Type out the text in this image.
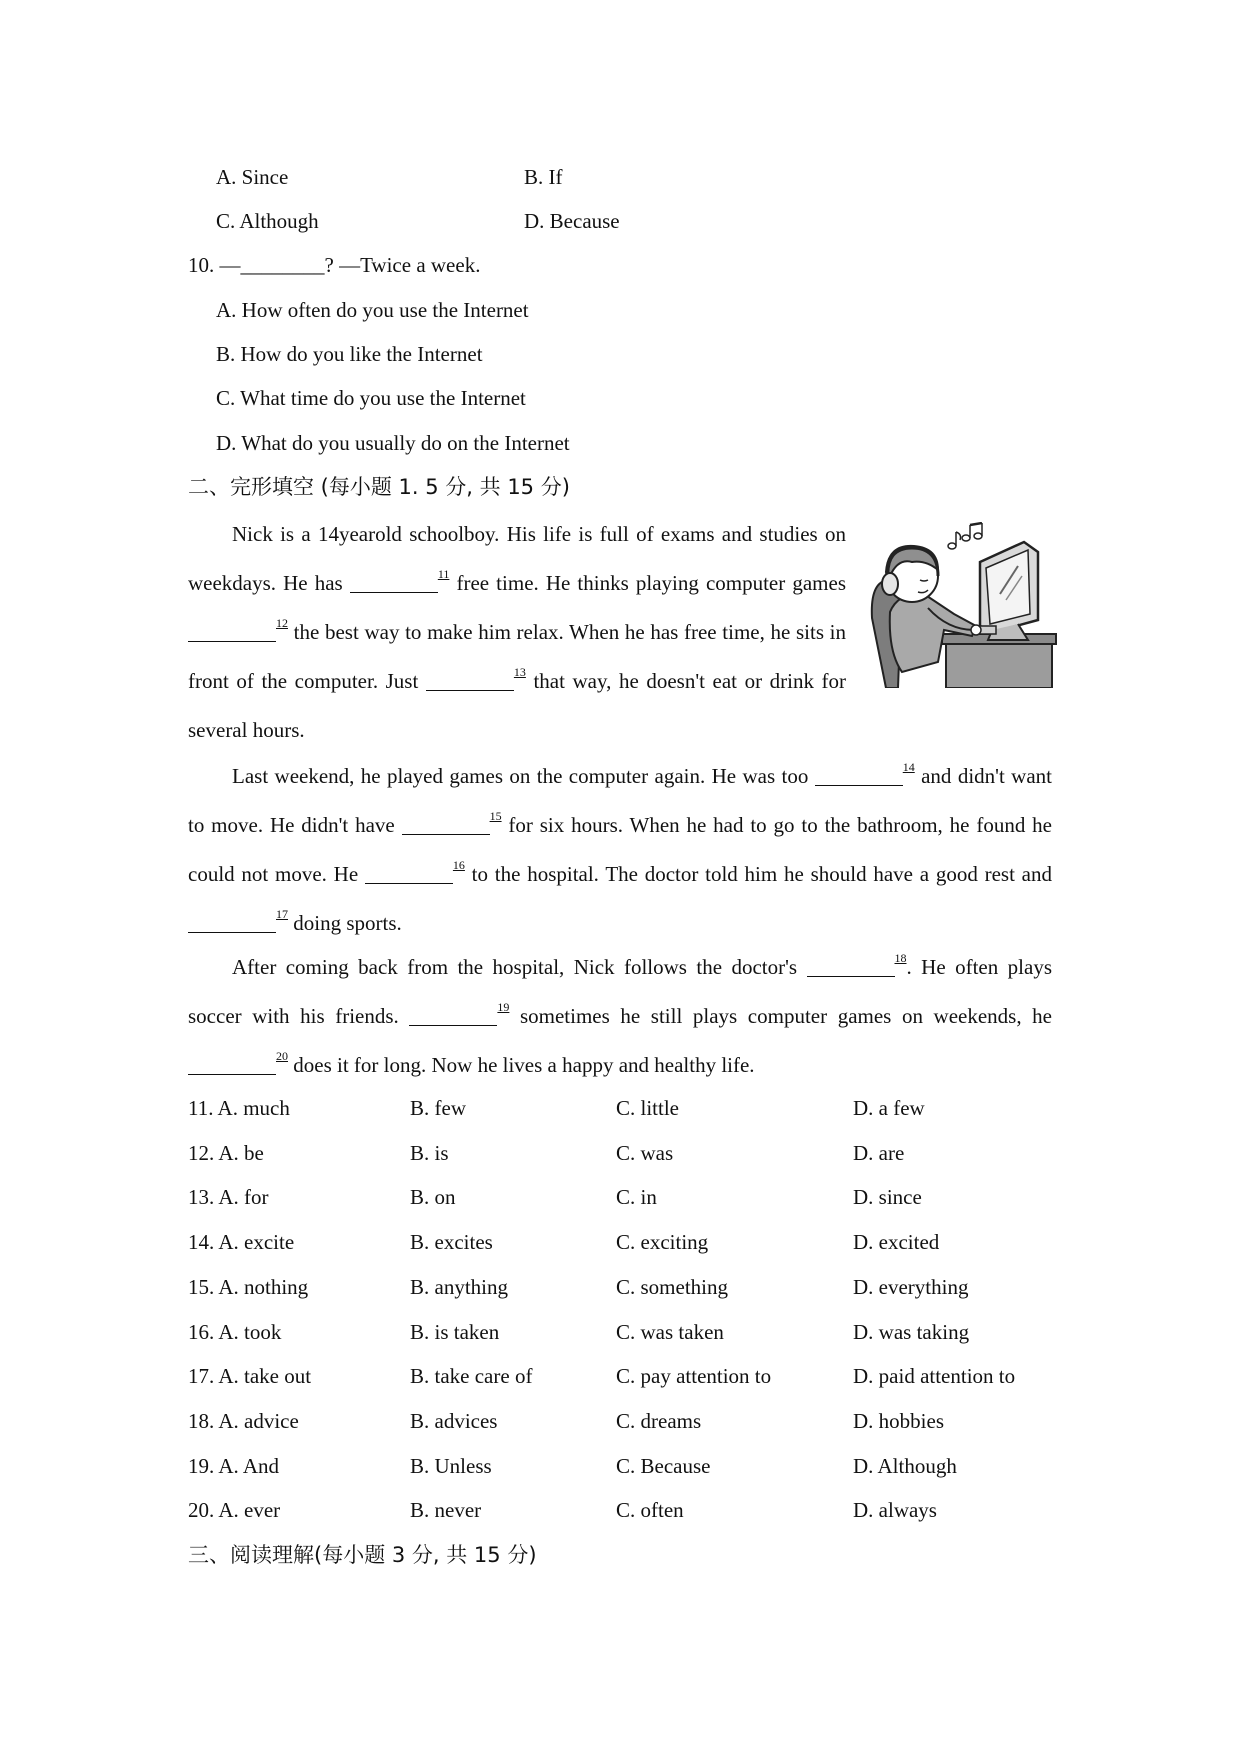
A. Since	B. If
C. Although	D. Because
10. —________? —Twice a week.
A. How often do you use the Internet
B. How do you like the Internet
C. What time do you use the Internet
D. What do you usually do on the Internet
二、完形填空 (每小题 1. 5 分, 共 15 分)
Nick is a 14yearold schoolboy. His life is full of exams and studies on weekdays. He has	$^{11}$ free time. He thinks playing computer games $^{12}$ the best way to make him relax. When he has free time, he sits in front of the computer. Just	$^{13}$ that way, he doesn't eat or drink for several hours.
Last weekend, he played games on the computer again. He was too	$^{14}$ and didn't want to move. He didn't have	$^{15}$ for six hours. When he had to go to the bathroom, he found he could not move. He	$^{16}$ to the hospital. The doctor told him he should have a good rest and $^{17}$ doing sports.
After coming back from the hospital, Nick follows the doctor's	$^{18}$. He often plays soccer with his friends.	$^{19}$ sometimes he still plays computer games on weekends, he $^{20}$ does it for long. Now he lives a happy and healthy life.
11. A. much	B. few	C. little	D. a few
12. A. be	B. is	C. was	D. are
13. A. for	B. on	C. in	D. since
14. A. excite	B. excites	C. exciting	D. excited
15. A. nothing	B. anything	C. something	D. everything
16. A. took	B. is taken	C. was taken	D. was taking
17. A. take out	B. take care of	C. pay attention to	D. paid attention to
18. A. advice	B. advices	C. dreams	D. hobbies
19. A. And	B. Unless	C. Because	D. Although
20. A. ever	B. never	C. often	D. always
三、阅读理解(每小题 3 分, 共 15 分)
